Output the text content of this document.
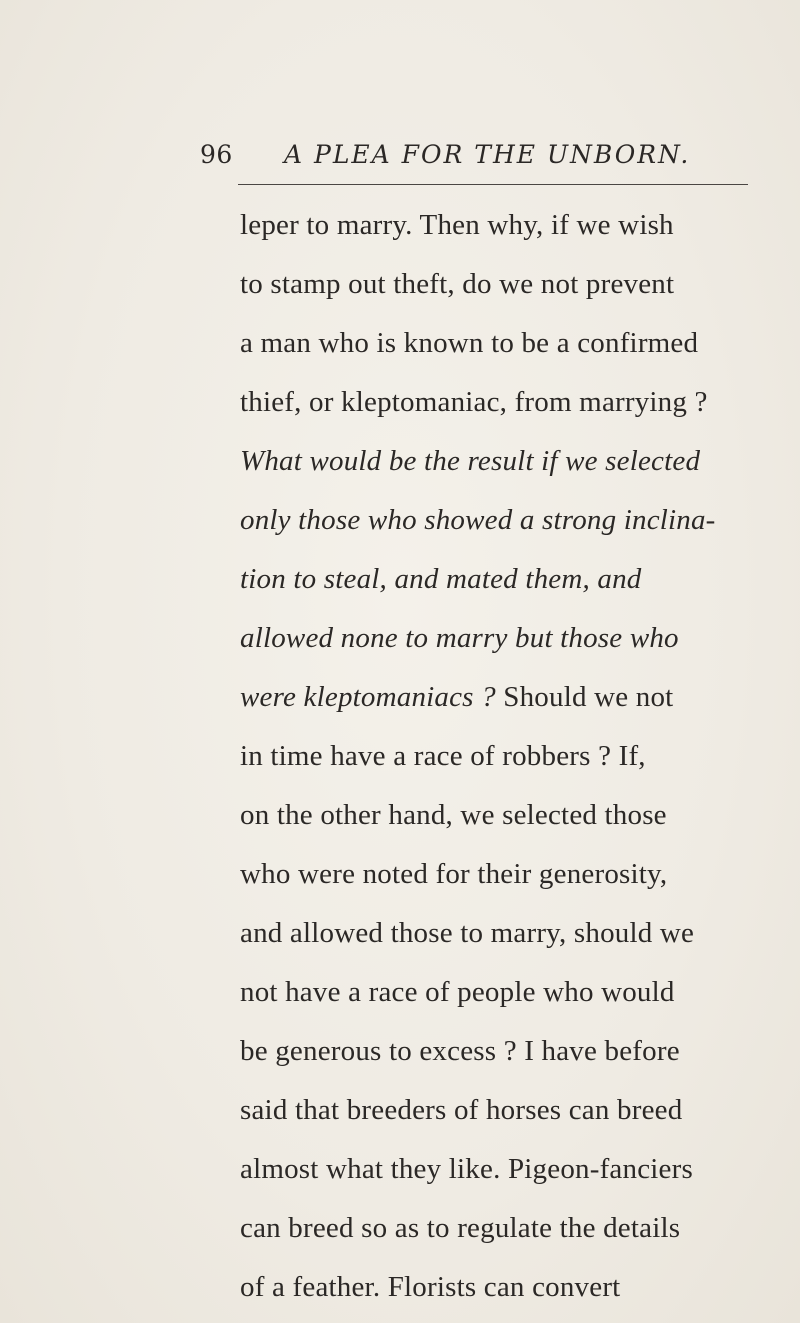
96 A PLEA FOR THE UNBORN.
leper to marry. Then why, if we wish
to stamp out theft, do we not prevent
a man who is known to be a confirmed
thief, or kleptomaniac, from marrying ?
What would be the result if we selected
only those who showed a strong inclina-
tion to steal, and mated them, and
allowed none to marry but those who
were kleptomaniacs ? Should we not
in time have a race of robbers ? If,
on the other hand, we selected those
who were noted for their generosity,
and allowed those to marry, should we
not have a race of people who would
be generous to excess ? I have before
said that breeders of horses can breed
almost what they like. Pigeon-fanciers
can breed so as to regulate the details
of a feather. Florists can convert
